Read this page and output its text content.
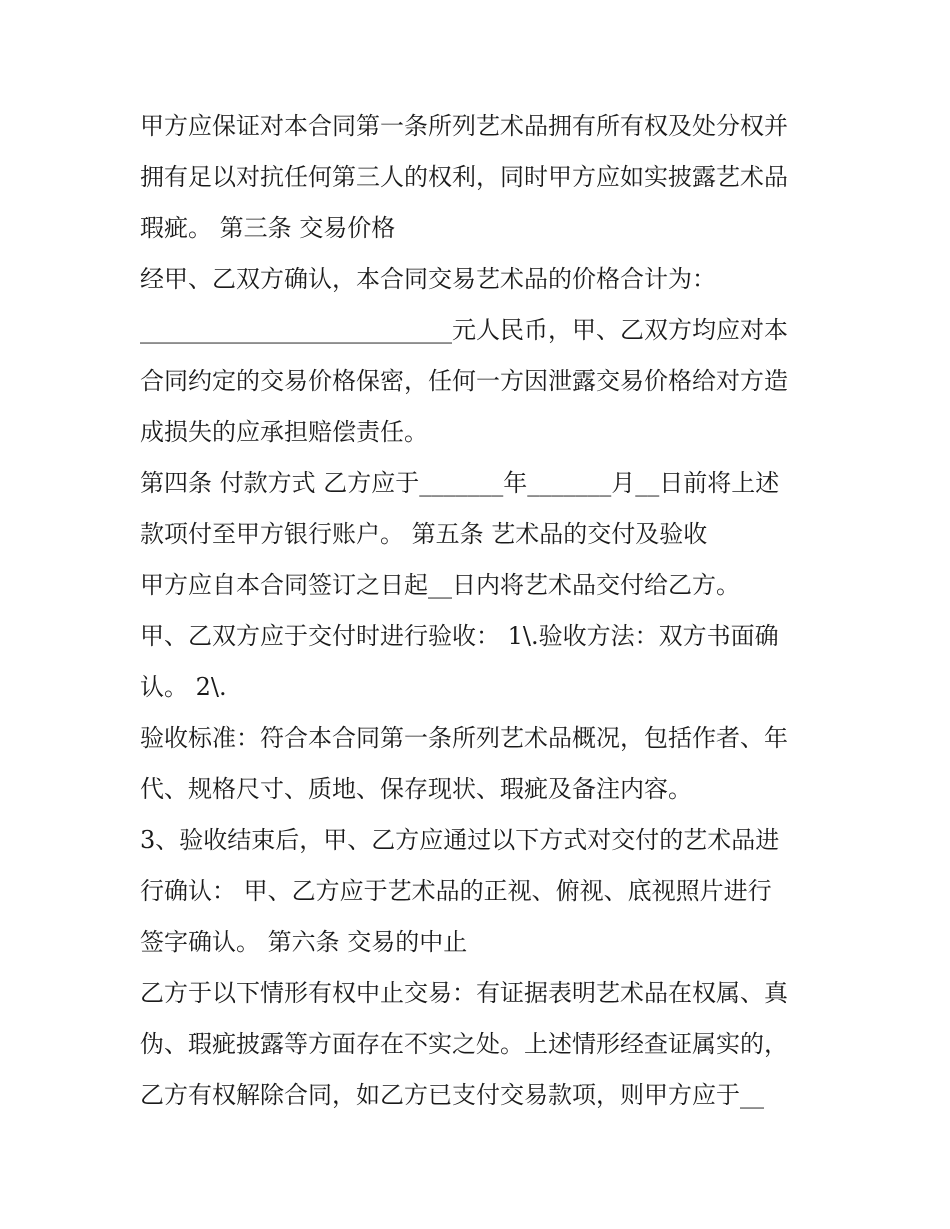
甲方应保证对本合同第一条所列艺术品拥有所有权及处分权并
拥有足以对抗任何第三人的权利，同时甲方应如实披露艺术品
瑕疵。 第三条 交易价格
经甲、乙双方确认，本合同交易艺术品的价格合计为：
__________________________元人民币，甲、乙双方均应对本
合同约定的交易价格保密，任何一方因泄露交易价格给对方造
成损失的应承担赔偿责任。
第四条 付款方式 乙方应于_______年_______月__日前将上述
款项付至甲方银行账户。 第五条 艺术品的交付及验收
甲方应自本合同签订之日起__日内将艺术品交付给乙方。
甲、乙双方应于交付时进行验收： 1\.验收方法：双方书面确
认。 2\.
验收标准：符合本合同第一条所列艺术品概况，包括作者、年
代、规格尺寸、质地、保存现状、瑕疵及备注内容。
3、验收结束后，甲、乙方应通过以下方式对交付的艺术品进
行确认： 甲、乙方应于艺术品的正视、俯视、底视照片进行
签字确认。 第六条 交易的中止
乙方于以下情形有权中止交易：有证据表明艺术品在权属、真
伪、瑕疵披露等方面存在不实之处。上述情形经查证属实的，
乙方有权解除合同，如乙方已支付交易款项，则甲方应于__
